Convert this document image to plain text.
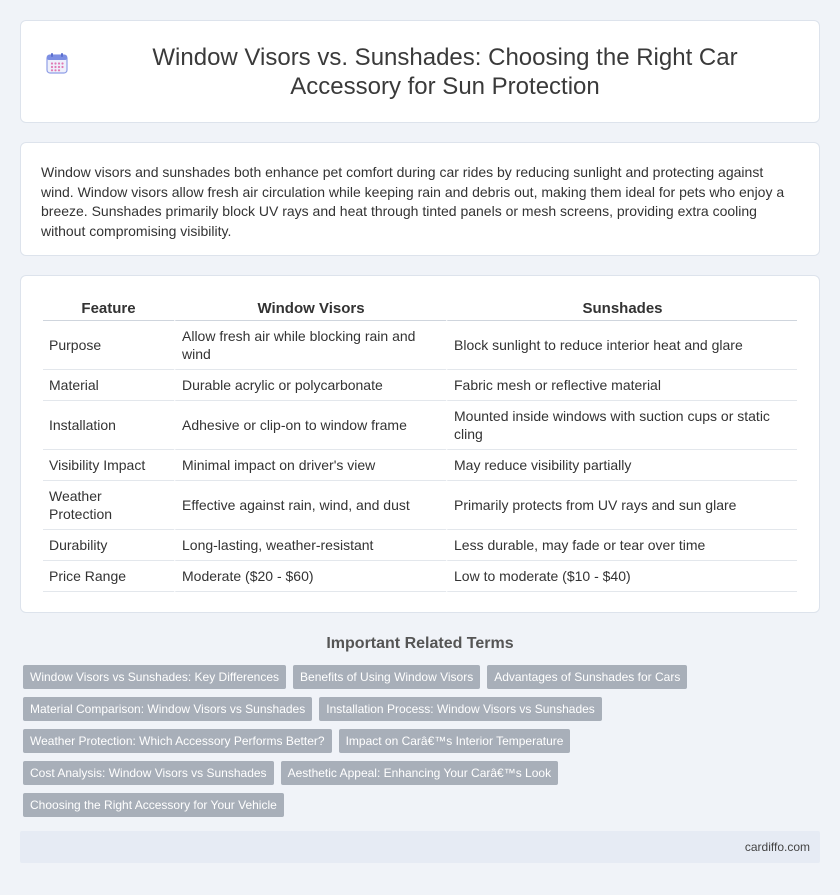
Window Visors vs. Sunshades: Choosing the Right Car Accessory for Sun Protection

Window visors and sunshades both enhance pet comfort during car rides by reducing sunlight and protecting against wind. Window visors allow fresh air circulation while keeping rain and debris out, making them ideal for pets who enjoy a breeze. Sunshades primarily block UV rays and heat through tinted panels or mesh screens, providing extra cooling without compromising visibility.

Feature	Window Visors	Sunshades
Purpose	Allow fresh air while blocking rain and wind	Block sunlight to reduce interior heat and glare
Material	Durable acrylic or polycarbonate	Fabric mesh or reflective material
Installation	Adhesive or clip-on to window frame	Mounted inside windows with suction cups or static cling
Visibility Impact	Minimal impact on driver's view	May reduce visibility partially
Weather Protection	Effective against rain, wind, and dust	Primarily protects from UV rays and sun glare
Durability	Long-lasting, weather-resistant	Less durable, may fade or tear over time
Price Range	Moderate ($20 - $60)	Low to moderate ($10 - $40)
Important Related Terms
Window Visors vs Sunshades: Key Differences	Benefits of Using Window Visors	Advantages of Sunshades for Cars
Material Comparison: Window Visors vs Sunshades	Installation Process: Window Visors vs Sunshades
Weather Protection: Which Accessory Performs Better?	Impact on Carâ€™s Interior Temperature
Cost Analysis: Window Visors vs Sunshades	Aesthetic Appeal: Enhancing Your Carâ€™s Look
Choosing the Right Accessory for Your Vehicle
cardiffo.com
